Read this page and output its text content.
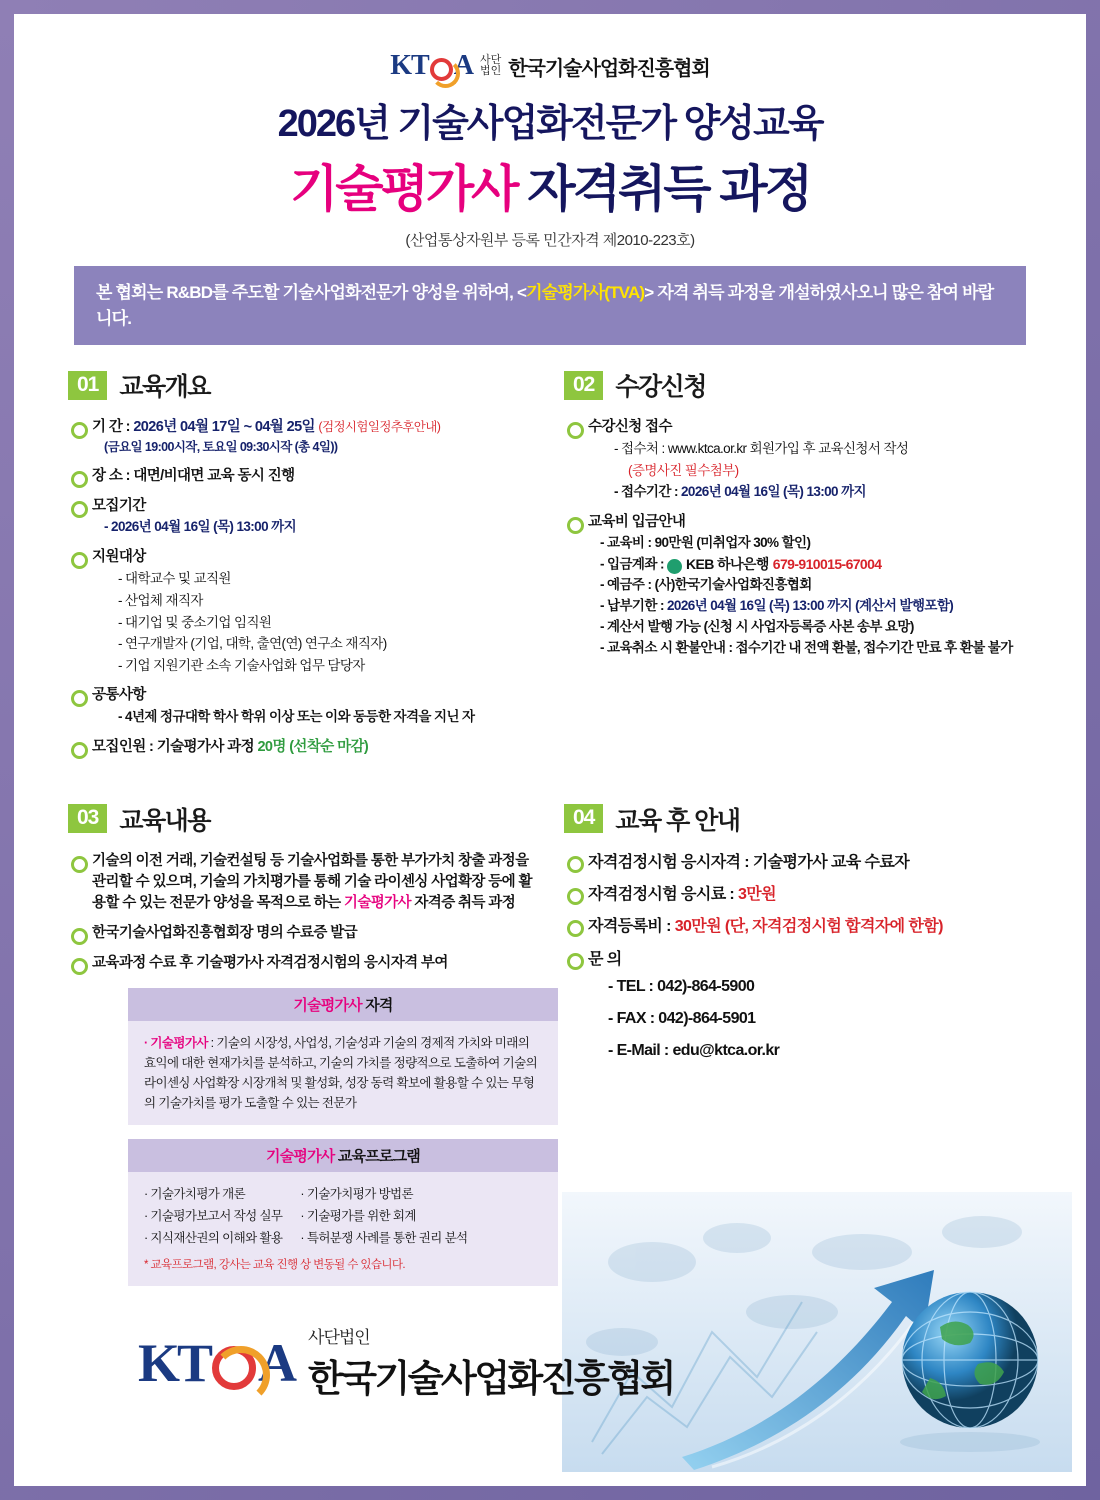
KT A 사단
법인 한국기술사업화진흥협회
2026년 기술사업화전문가 양성교육
기술평가사 자격취득 과정
(산업통상자원부 등록 민간자격 제2010-223호)
본 협회는 R&BD를 주도할 기술사업화전문가 양성을 위하여, <기술평가사(TVA)> 자격 취득 과정을 개설하였사오니 많은 참여 바랍니다.
01 교육개요
기 간 : 2026년 04월 17일 ~ 04월 25일 (검정시험일정추후안내)
(금요일 19:00시작, 토요일 09:30시작 (총 4일))
장 소 : 대면/비대면 교육 동시 진행
모집기간
- 2026년 04월 16일 (목) 13:00 까지
지원대상
- 대학교수 및 교직원
- 산업체 재직자
- 대기업 및 중소기업 임직원
- 연구개발자 (기업, 대학, 출연(연) 연구소 재직자)
- 기업 지원기관 소속 기술사업화 업무 담당자
공통사항
- 4년제 정규대학 학사 학위 이상 또는 이와 동등한 자격을 지닌 자
모집인원 : 기술평가사 과정 20명 (선착순 마감)
02 수강신청
수강신청 접수
- 접수처 : www.ktca.or.kr 회원가입 후 교육신청서 작성
(증명사진 필수첨부)
- 접수기간 : 2026년 04월 16일 (목) 13:00 까지
교육비 입금안내
- 교육비 : 90만원 (미취업자 30% 할인)
- 입금계좌 : KEB 하나은행 679-910015-67004
- 예금주 : (사)한국기술사업화진흥협회
- 납부기한 : 2026년 04월 16일 (목) 13:00 까지 (계산서 발행포함)
- 계산서 발행 가능 (신청 시 사업자등록증 사본 송부 요망)
- 교육취소 시 환불안내 : 접수기간 내 전액 환불, 접수기간 만료 후 환불 불가
03 교육내용
기술의 이전 거래, 기술컨설팅 등 기술사업화를 통한 부가가치 창출 과정을 관리할 수 있으며, 기술의 가치평가를 통해 기술 라이센싱 사업확장 등에 활용할 수 있는 전문가 양성을 목적으로 하는 기술평가사 자격증 취득 과정
한국기술사업화진흥협회장 명의 수료증 발급
교육과정 수료 후 기술평가사 자격검정시험의 응시자격 부여
기술평가사 자격
· 기술평가사 : 기술의 시장성, 사업성, 기술성과 기술의 경제적 가치와 미래의 효익에 대한 현재가치를 분석하고, 기술의 가치를 정량적으로 도출하여 기술의 라이센싱 사업확장 시장개척 및 활성화, 성장 동력 확보에 활용할 수 있는 무형의 기술가치를 평가 도출할 수 있는 전문가
기술평가사 교육프로그램
· 기술가치평가 개론
· 기술평가보고서 작성 실무
· 지식재산권의 이해와 활용
· 기술가치평가 방법론
· 기술평가를 위한 회계
· 특허분쟁 사례를 통한 권리 분석
* 교육프로그램, 강사는 교육 진행 상 변동될 수 있습니다.
04 교육 후 안내
자격검정시험 응시자격 : 기술평가사 교육 수료자
자격검정시험 응시료 : 3만원
자격등록비 : 30만원 (단, 자격검정시험 합격자에 한함)
문 의
- TEL : 042)-864-5900
- FAX : 042)-864-5901
- E-Mail : edu@ktca.or.kr
KT A 사단법인
한국기술사업화진흥협회
